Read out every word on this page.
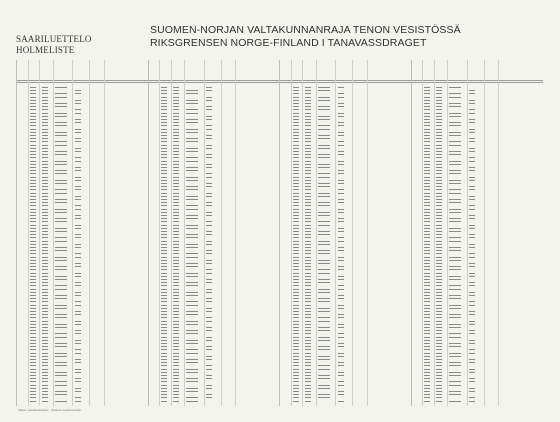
SAARILUETTELO
HOLMELISTE
SUOMEN-NORJAN VALTAKUNNANRAJA TENON VESISTÖSSÄ
RIKSGRENSEN NORGE-FINLAND I TANAVASSDRAGET
Valtion painatuskeskus - Statens tryckericentral
